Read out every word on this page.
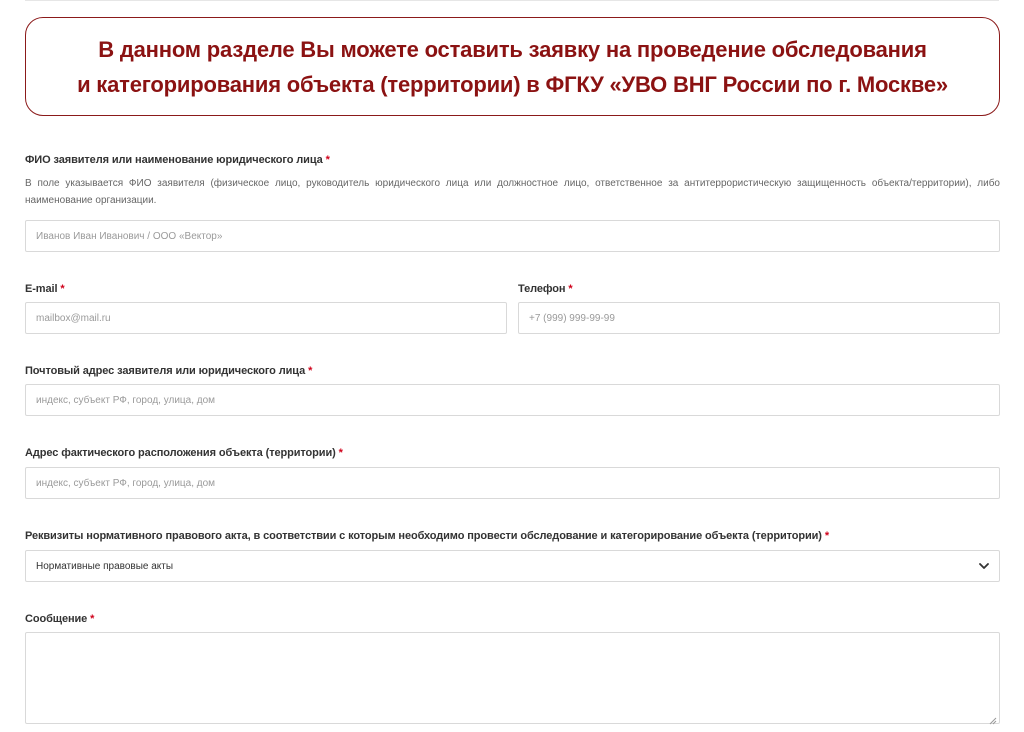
В данном разделе Вы можете оставить заявку на проведение обследования
и категорирования объекта (территории) в ФГКУ «УВО ВНГ России по г. Москве»
ФИО заявителя или наименование юридического лица *
В поле указывается ФИО заявителя (физическое лицо, руководитель юридического лица или должностное лицо, ответственное за антитеррористическую защищенность объекта/территории), либо наименование организации.
Иванов Иван Иванович / ООО «Вектор»
E-mail *
mailbox@mail.ru	Телефон *
+7 (999) 999-99-99
Почтовый адрес заявителя или юридического лица *
индекс, субъект РФ, город, улица, дом
Адрес фактического расположения объекта (территории) *
индекс, субъект РФ, город, улица, дом
Реквизиты нормативного правового акта, в соответствии с которым необходимо провести обследование и категорирование объекта (территории) *
Нормативные правовые акты
Сообщение *
